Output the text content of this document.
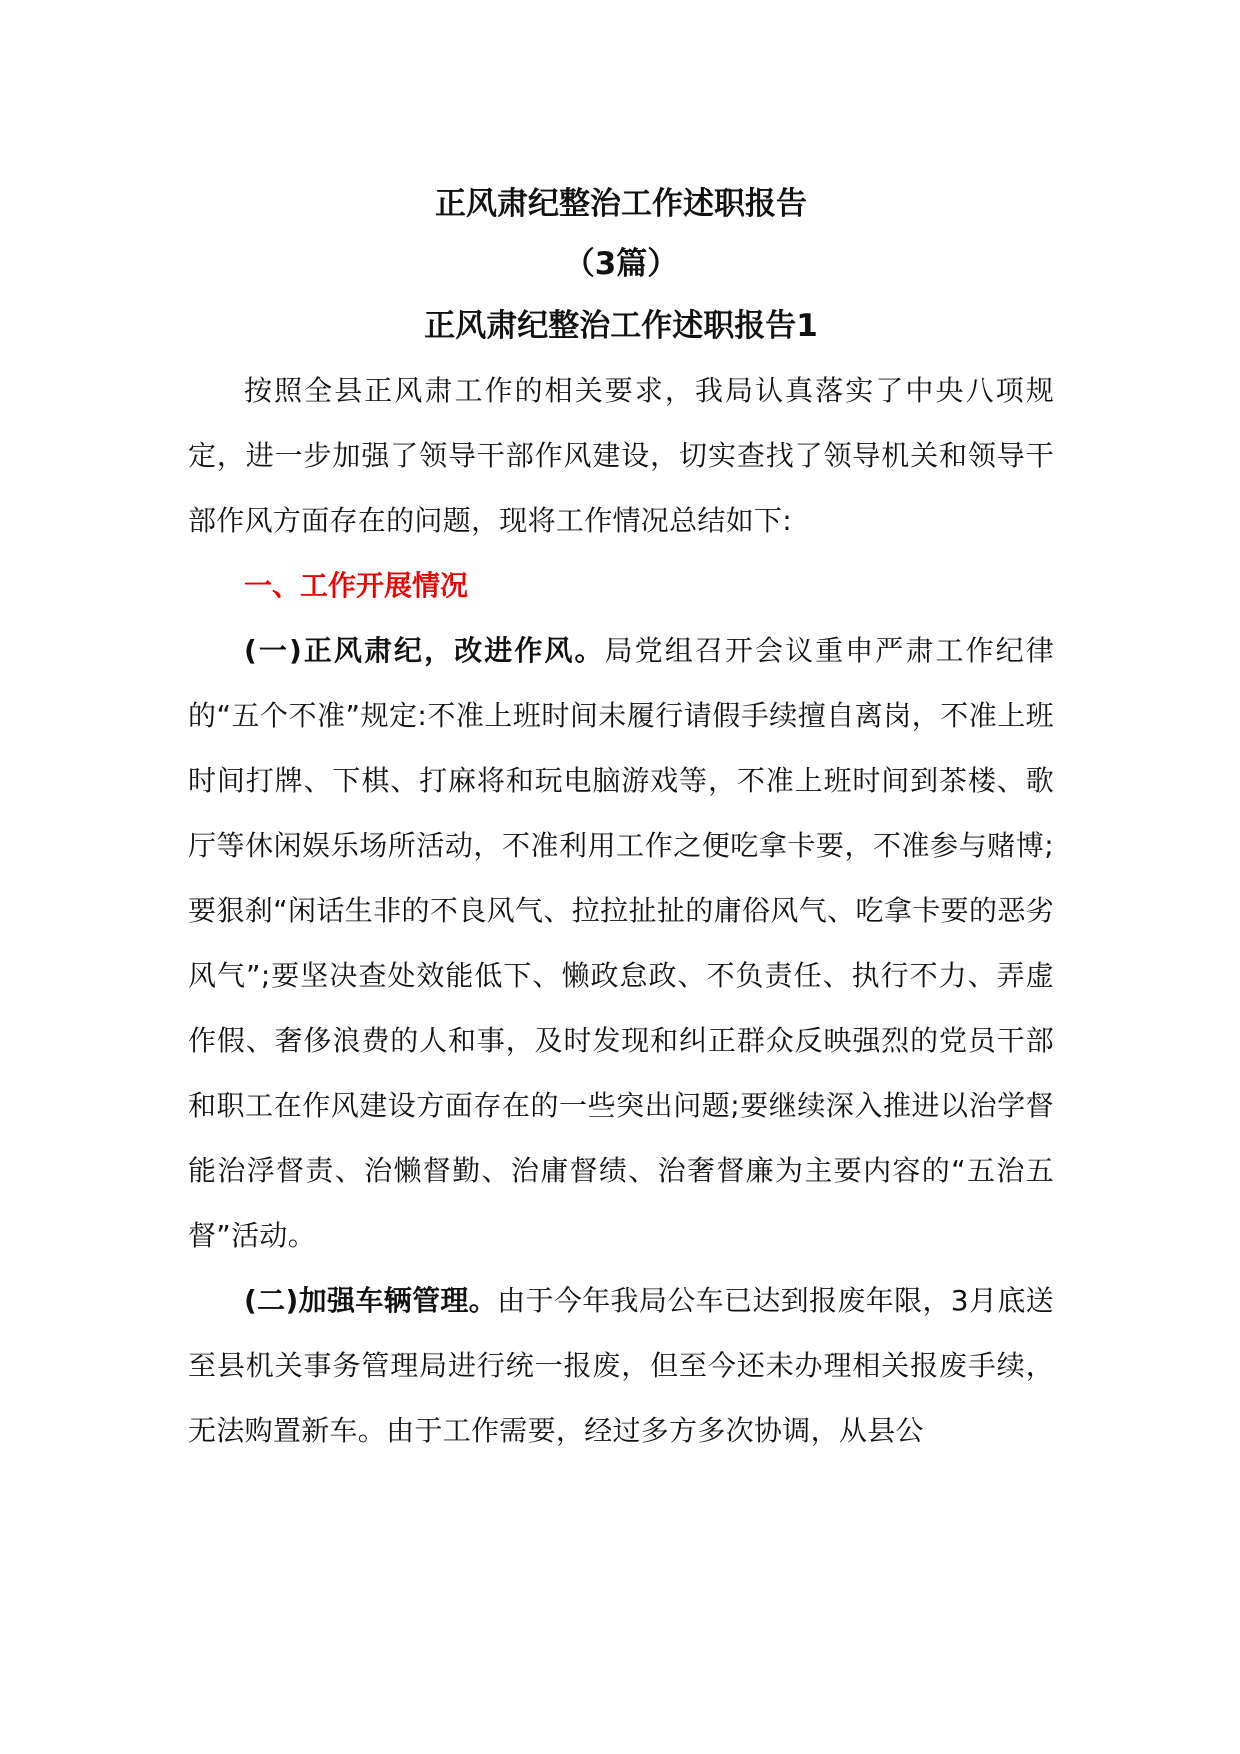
正风肃纪整治工作述职报告
（3篇）
正风肃纪整治工作述职报告1

按照全县正风肃工作的相关要求，我局认真落实了中央八项规定，进一步加强了领导干部作风建设，切实查找了领导机关和领导干部作风方面存在的问题，现将工作情况总结如下:

一、工作开展情况

(一)正风肃纪，改进作风。局党组召开会议重申严肃工作纪律的“五个不准”规定:不准上班时间未履行请假手续擅自离岗，不准上班时间打牌、下棋、打麻将和玩电脑游戏等，不准上班时间到茶楼、歌厅等休闲娱乐场所活动，不准利用工作之便吃拿卡要，不准参与赌博;要狠刹“闲话生非的不良风气、拉拉扯扯的庸俗风气、吃拿卡要的恶劣风气”;要坚决查处效能低下、懒政怠政、不负责任、执行不力、弄虚作假、奢侈浪费的人和事，及时发现和纠正群众反映强烈的党员干部和职工在作风建设方面存在的一些突出问题;要继续深入推进以治学督能治浮督责、治懒督勤、治庸督绩、治奢督廉为主要内容的“五治五督”活动。

(二)加强车辆管理。由于今年我局公车已达到报废年限，3月底送至县机关事务管理局进行统一报废，但至今还未办理相关报废手续，无法购置新车。由于工作需要，经过多方多次协调，从县公
